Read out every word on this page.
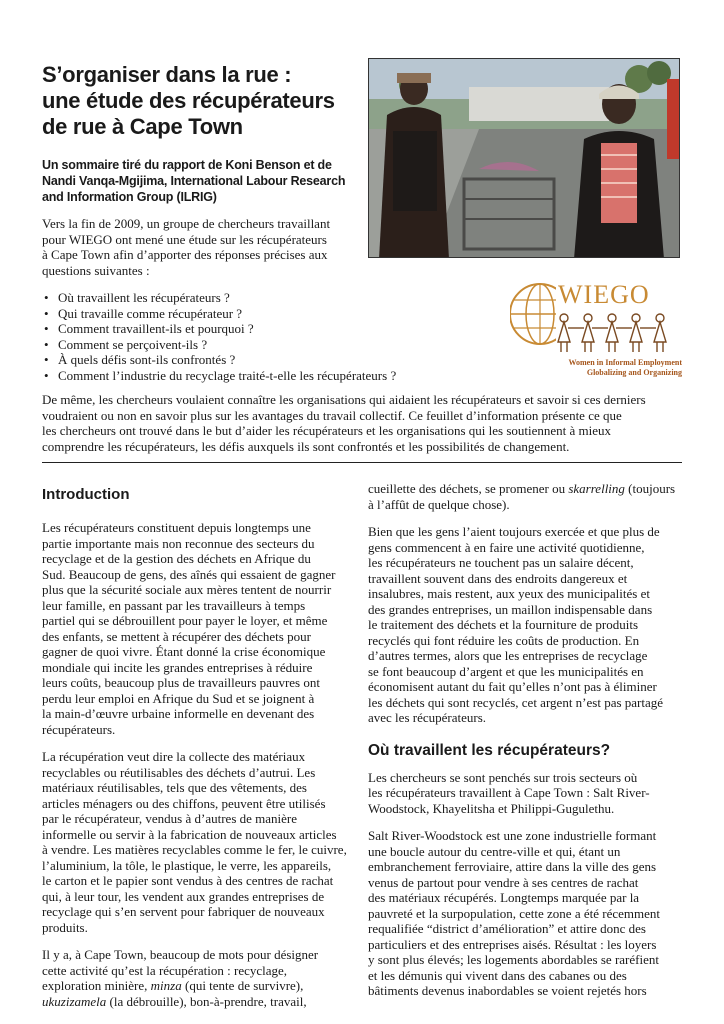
S’organiser dans la rue :
une étude des récupérateurs
de rue à Cape Town
Un sommaire tiré du rapport de Koni Benson et de
Nandi Vanqa-Mgijima, International Labour Research
and Information Group (ILRIG)
Vers la fin de 2009, un groupe de chercheurs travaillant
pour WIEGO ont mené une étude sur les récupérateurs
à Cape Town afin d’apporter des réponses précises aux
questions suivantes :
• Où travaillent les récupérateurs ?
• Qui travaille comme récupérateur ?
• Comment travaillent-ils et pourquoi ?
• Comment se perçoivent-ils ?
• À quels défis sont-ils confrontés ?
• Comment l’industrie du recyclage traité-t-elle les récupérateurs ?
WIEGO
Women in Informal Employment
Globalizing and Organizing
De même, les chercheurs voulaient connaître les organisations qui aidaient les récupérateurs et savoir si ces derniers
voudraient ou non en savoir plus sur les avantages du travail collectif. Ce feuillet d’information présente ce que
les chercheurs ont trouvé dans le but d’aider les récupérateurs et les organisations qui les soutiennent à mieux
comprendre les récupérateurs, les défis auxquels ils sont confrontés et les possibilités de changement.
Introduction

Les récupérateurs constituent depuis longtemps une
partie importante mais non reconnue des secteurs du
recyclage et de la gestion des déchets en Afrique du
Sud. Beaucoup de gens, des aînés qui essaient de gagner
plus que la sécurité sociale aux mères tentent de nourrir
leur famille, en passant par les travailleurs à temps
partiel qui se débrouillent pour payer le loyer, et même
des enfants, se mettent à récupérer des déchets pour
gagner de quoi vivre. Étant donné la crise économique
mondiale qui incite les grandes entreprises à réduire
leurs coûts, beaucoup plus de travailleurs pauvres ont
perdu leur emploi en Afrique du Sud et se joignent à
la main-d’œuvre urbaine informelle en devenant des
récupérateurs.

La récupération veut dire la collecte des matériaux
recyclables ou réutilisables des déchets d’autrui. Les
matériaux réutilisables, tels que des vêtements, des
articles ménagers ou des chiffons, peuvent être utilisés
par le récupérateur, vendus à d’autres de manière
informelle ou servir à la fabrication de nouveaux articles
à vendre. Les matières recyclables comme le fer, le cuivre,
l’aluminium, la tôle, le plastique, le verre, les appareils,
le carton et le papier sont vendus à des centres de rachat
qui, à leur tour, les vendent aux grandes entreprises de
recyclage qui s’en servent pour fabriquer de nouveaux
produits.

Il y a, à Cape Town, beaucoup de mots pour désigner
cette activité qu’est la récupération : recyclage,
exploration minière, minza (qui tente de survivre),
ukuzizamela (la débrouille), bon-à-prendre, travail,

cueillette des déchets, se promener ou skarrelling (toujours
à l’affût de quelque chose).

Bien que les gens l’aient toujours exercée et que plus de
gens commencent à en faire une activité quotidienne,
les récupérateurs ne touchent pas un salaire décent,
travaillent souvent dans des endroits dangereux et
insalubres, mais restent, aux yeux des municipalités et
des grandes entreprises, un maillon indispensable dans
le traitement des déchets et la fourniture de produits
recyclés qui font réduire les coûts de production. En
d’autres termes, alors que les entreprises de recyclage
se font beaucoup d’argent et que les municipalités en
économisent autant du fait qu’elles n’ont pas à éliminer
les déchets qui sont recyclés, cet argent n’est pas partagé
avec les récupérateurs.

Où travaillent les récupérateurs?

Les chercheurs se sont penchés sur trois secteurs où
les récupérateurs travaillent à Cape Town : Salt River-
Woodstock, Khayelitsha et Philippi-Gugulethu.

Salt River-Woodstock est une zone industrielle formant
une boucle autour du centre-ville et qui, étant un
embranchement ferroviaire, attire dans la ville des gens
venus de partout pour vendre à ses centres de rachat
des matériaux récupérés. Longtemps marquée par la
pauvreté et la surpopulation, cette zone a été récemment
requalifiée “district d’amélioration” et attire donc des
particuliers et des entreprises aisés. Résultat : les loyers
y sont plus élevés; les logements abordables se raréfient
et les démunis qui vivent dans des cabanes ou des
bâtiments devenus inabordables se voient rejetés hors
